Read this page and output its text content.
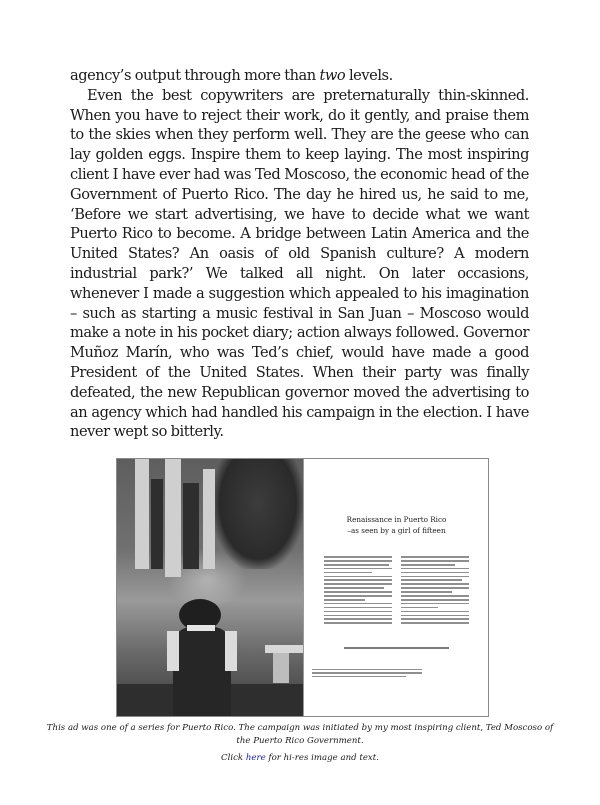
agency’s output through more than two levels.

Even the best copywriters are preternaturally thin-skinned. When you have to reject their work, do it gently, and praise them to the skies when they perform well. They are the geese who can lay golden eggs. Inspire them to keep laying. The most inspiring client I have ever had was Ted Moscoso, the economic head of the Government of Puerto Rico. The day he hired us, he said to me, ‘Before we start advertising, we have to decide what we want Puerto Rico to become. A bridge between Latin America and the United States? An oasis of old Spanish culture? A modern industrial park?’ We talked all night. On later occasions, whenever I made a suggestion which appealed to his imagination – such as starting a music festival in San Juan – Moscoso would make a note in his pocket diary; action always followed. Governor Muñoz Marín, who was Ted’s chief, would have made a good President of the United States. When their party was finally defeated, the new Republican governor moved the advertising to an agency which had handled his campaign in the election. I have never wept so bitterly.

Renaissance in Puerto Rico
–as seen by a girl of fifteen
This ad was one of a series for Puerto Rico. The campaign was initiated by my most inspiring client, Ted Moscoso of the Puerto Rico Government.
Click here for hi-res image and text.
